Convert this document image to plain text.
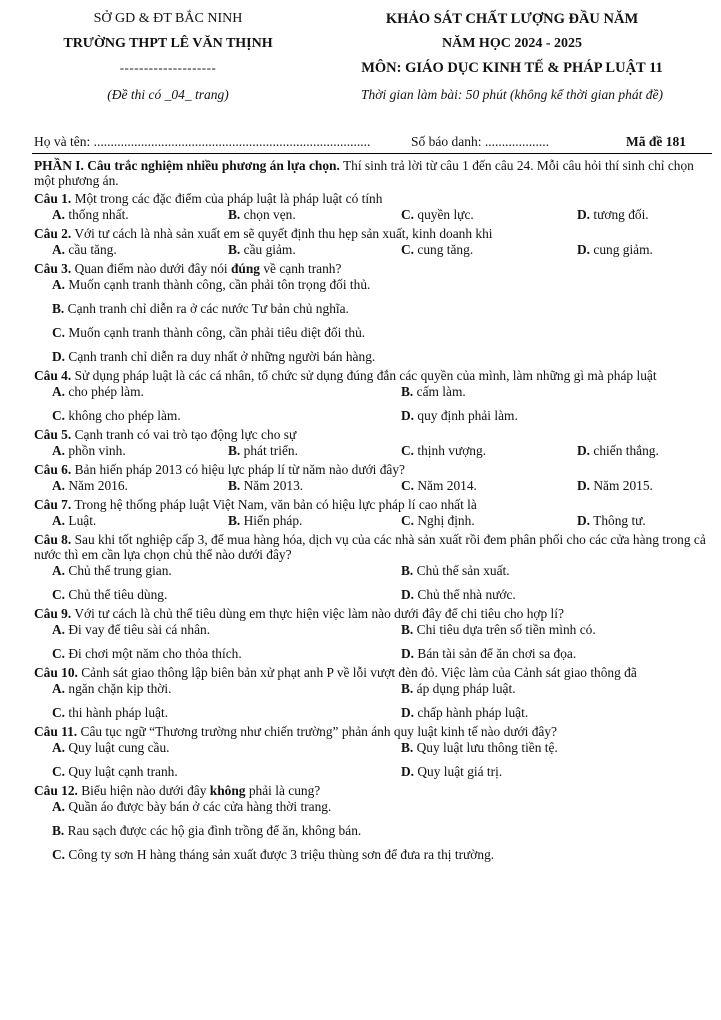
SỞ GD & ĐT BẮC NINH
TRƯỜNG THPT LÊ VĂN THỊNH
--------------------
(Đề thi có _04_ trang)
KHẢO SÁT CHẤT LƯỢNG ĐẦU NĂM
NĂM HỌC 2024 - 2025
MÔN: GIÁO DỤC KINH TẾ & PHÁP LUẬT 11
Thời gian làm bài: 50 phút (không kể thời gian phát đề)
Họ và tên: ..................................................................................	Số báo danh: ...................	Mã đề 181
PHẦN I. Câu trắc nghiệm nhiều phương án lựa chọn. Thí sinh trả lời từ câu 1 đến câu 24. Mỗi câu hỏi thí sinh chỉ chọn một phương án.
Câu 1. Một trong các đặc điểm của pháp luật là pháp luật có tính
A. thống nhất.	B. chọn vẹn.	C. quyền lực.	D. tương đối.
Câu 2. Với tư cách là nhà sản xuất em sẽ quyết định thu hẹp sản xuất, kinh doanh khi
A. cầu tăng.	B. cầu giảm.	C. cung tăng.	D. cung giảm.
Câu 3. Quan điểm nào dưới đây nói đúng về cạnh tranh?
A. Muốn cạnh tranh thành công, cần phải tôn trọng đối thủ.
B. Cạnh tranh chỉ diễn ra ở các nước Tư bản chủ nghĩa.
C. Muốn cạnh tranh thành công, cần phải tiêu diệt đối thủ.
D. Cạnh tranh chỉ diễn ra duy nhất ở những người bán hàng.
Câu 4. Sử dụng pháp luật là các cá nhân, tổ chức sử dụng đúng đắn các quyền của mình, làm những gì mà pháp luật
A. cho phép làm.	B. cấm làm.
C. không cho phép làm.	D. quy định phải làm.
Câu 5. Cạnh tranh có vai trò tạo động lực cho sự
A. phồn vinh.	B. phát triển.	C. thịnh vượng.	D. chiến thắng.
Câu 6. Bản hiến pháp 2013 có hiệu lực pháp lí từ năm nào dưới đây?
A. Năm 2016.	B. Năm 2013.	C. Năm 2014.	D. Năm 2015.
Câu 7. Trong hệ thống pháp luật Việt Nam, văn bản có hiệu lực pháp lí cao nhất là
A. Luật.	B. Hiến pháp.	C. Nghị định.	D. Thông tư.
Câu 8. Sau khi tốt nghiệp cấp 3, để mua hàng hóa, dịch vụ của các nhà sản xuất rồi đem phân phối cho các cửa hàng trong cả nước thì em cần lựa chọn chủ thể nào dưới đây?
A. Chủ thể trung gian.	B. Chủ thể sản xuất.
C. Chủ thể tiêu dùng.	D. Chủ thể nhà nước.
Câu 9. Với tư cách là chủ thể tiêu dùng em thực hiện việc làm nào dưới đây để chi tiêu cho hợp lí?
A. Đi vay để tiêu sài cá nhân.	B. Chi tiêu dựa trên số tiền mình có.
C. Đi chơi một năm cho thỏa thích.	D. Bán tài sản để ăn chơi sa đọa.
Câu 10. Cảnh sát giao thông lập biên bản xử phạt anh P về lỗi vượt đèn đỏ. Việc làm của Cảnh sát giao thông đã
A. ngăn chặn kịp thời.	B. áp dụng pháp luật.
C. thi hành pháp luật.	D. chấp hành pháp luật.
Câu 11. Câu tục ngữ “Thương trường như chiến trường” phản ánh quy luật kinh tế nào dưới đây?
A. Quy luật cung cầu.	B. Quy luật lưu thông tiền tệ.
C. Quy luật cạnh tranh.	D. Quy luật giá trị.
Câu 12. Biểu hiện nào dưới đây không phải là cung?
A. Quần áo được bày bán ở các cửa hàng thời trang.
B. Rau sạch được các hộ gia đình trồng để ăn, không bán.
C. Công ty sơn H hàng tháng sản xuất được 3 triệu thùng sơn để đưa ra thị trường.
